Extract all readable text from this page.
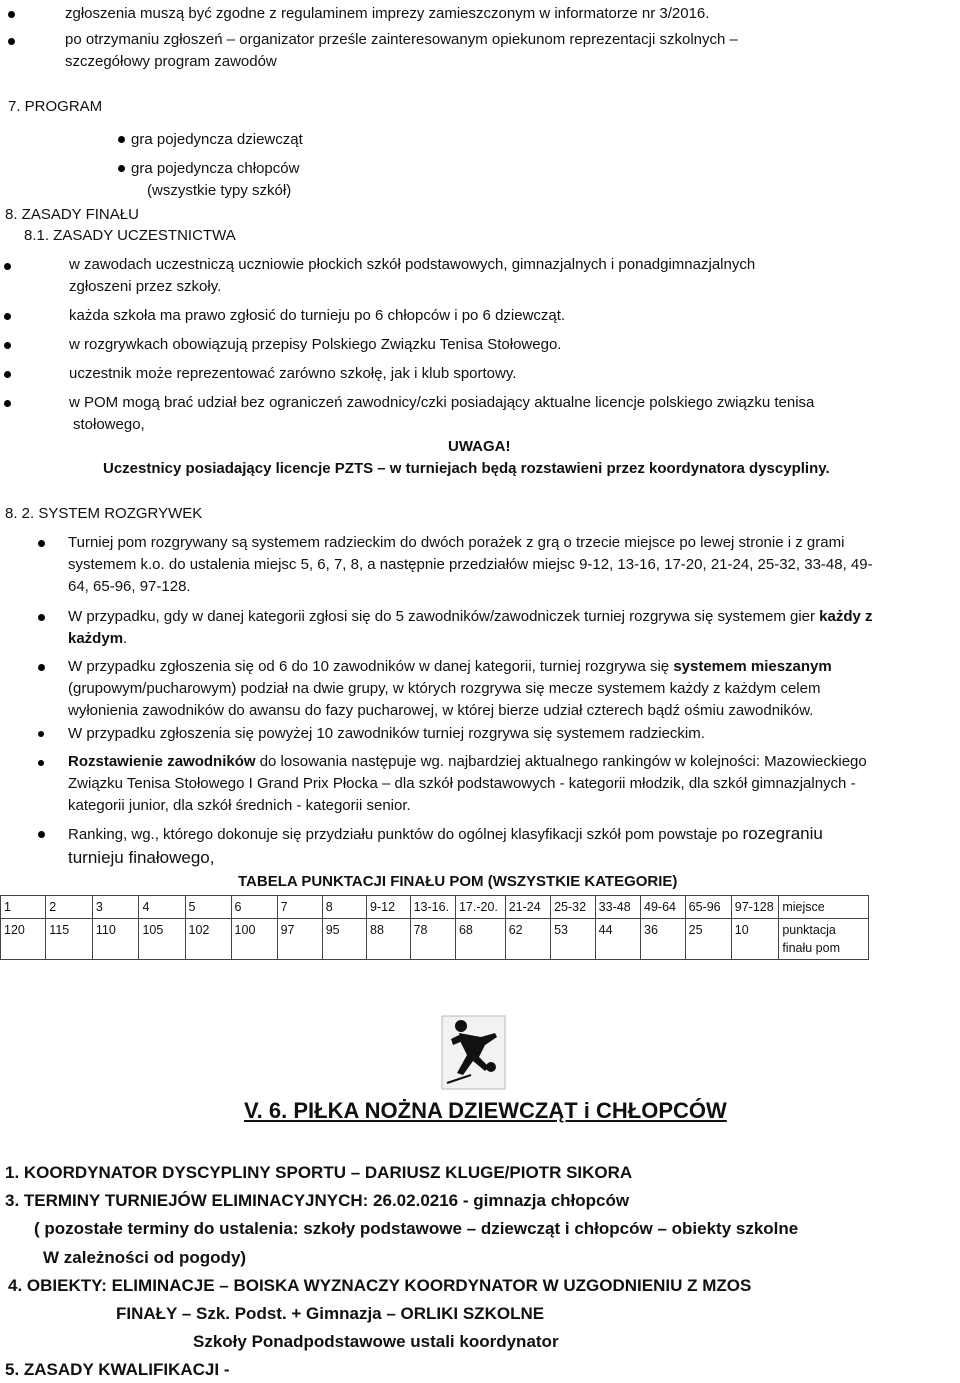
zgłoszenia muszą być zgodne z regulaminem imprezy zamieszczonym w informatorze nr 3/2016.
po otrzymaniu zgłoszeń – organizator prześle zainteresowanym opiekunom reprezentacji szkolnych –
szczegółowy program zawodów
7. PROGRAM
gra pojedyncza dziewcząt
gra pojedyncza chłopców
(wszystkie typy szkół)
8. ZASADY FINAŁU
8.1. ZASADY UCZESTNICTWA
w zawodach uczestniczą uczniowie płockich szkół podstawowych, gimnazjalnych i ponadgimnazjalnych
zgłoszeni przez szkoły.
każda szkoła ma prawo zgłosić do turnieju po 6 chłopców i po 6 dziewcząt.
w rozgrywkach obowiązują przepisy Polskiego Związku Tenisa Stołowego.
uczestnik może reprezentować zarówno szkołę, jak i klub sportowy.
w POM mogą brać udział bez ograniczeń zawodnicy/czki posiadający aktualne licencje polskiego związku tenisa
stołowego,
UWAGA!
Uczestnicy posiadający licencje PZTS – w turniejach będą rozstawieni przez koordynatora dyscypliny.
8. 2. SYSTEM ROZGRYWEK
Turniej pom rozgrywany są systemem radzieckim do dwóch porażek z grą o trzecie miejsce po lewej stronie i z grami
systemem k.o. do ustalenia miejsc 5, 6, 7, 8, a następnie przedziałów miejsc 9-12, 13-16, 17-20, 21-24, 25-32, 33-48, 49-
64, 65-96, 97-128.
W przypadku, gdy w danej kategorii zgłosi się do 5 zawodników/zawodniczek turniej rozgrywa się systemem gier każdy z
każdym.
W przypadku zgłoszenia się od 6 do 10 zawodników w danej kategorii, turniej rozgrywa się systemem mieszanym
(grupowym/pucharowym) podział na dwie grupy, w których rozgrywa się mecze systemem każdy z każdym celem
wyłonienia zawodników do awansu do fazy pucharowej, w której bierze udział czterech bądź ośmiu zawodników.
W przypadku zgłoszenia się powyżej 10 zawodników turniej rozgrywa się systemem radzieckim.
Rozstawienie zawodników do losowania następuje wg. najbardziej aktualnego rankingów w kolejności: Mazowieckiego
Związku Tenisa Stołowego I Grand Prix Płocka – dla szkół podstawowych - kategorii młodzik, dla szkół gimnazjalnych -
kategorii junior, dla szkół średnich - kategorii senior.
Ranking, wg., którego dokonuje się przydziału punktów do ogólnej klasyfikacji szkół pom powstaje po rozegraniu
turnieju finałowego,
TABELA PUNKTACJI FINAŁU POM (WSZYSTKIE KATEGORIE)
1	2	3	4	5	6	7	8	9-12	13-16.	17.-20.	21-24	25-32	33-48	49-64	65-96	97-128	miejsce
120	115	110	105	102	100	97	95	88	78	68	62	53	44	36	25	10	punktacja
finału pom
V. 6. PIŁKA NOŻNA DZIEWCZĄT i CHŁOPCÓW
1. KOORDYNATOR DYSCYPLINY SPORTU – DARIUSZ KLUGE/PIOTR SIKORA
3. TERMINY TURNIEJÓW ELIMINACYJNYCH: 26.02.0216 - gimnazja chłopców
( pozostałe terminy do ustalenia: szkoły podstawowe – dziewcząt i chłopców – obiekty szkolne
W zależności od pogody)
4. OBIEKTY: ELIMINACJE – BOISKA WYZNACZY KOORDYNATOR W UZGODNIENIU Z MZOS
FINAŁY – Szk. Podst. + Gimnazja – ORLIKI SZKOLNE
Szkoły Ponadpodstawowe ustali koordynator
5. ZASADY KWALIFIKACJI -
